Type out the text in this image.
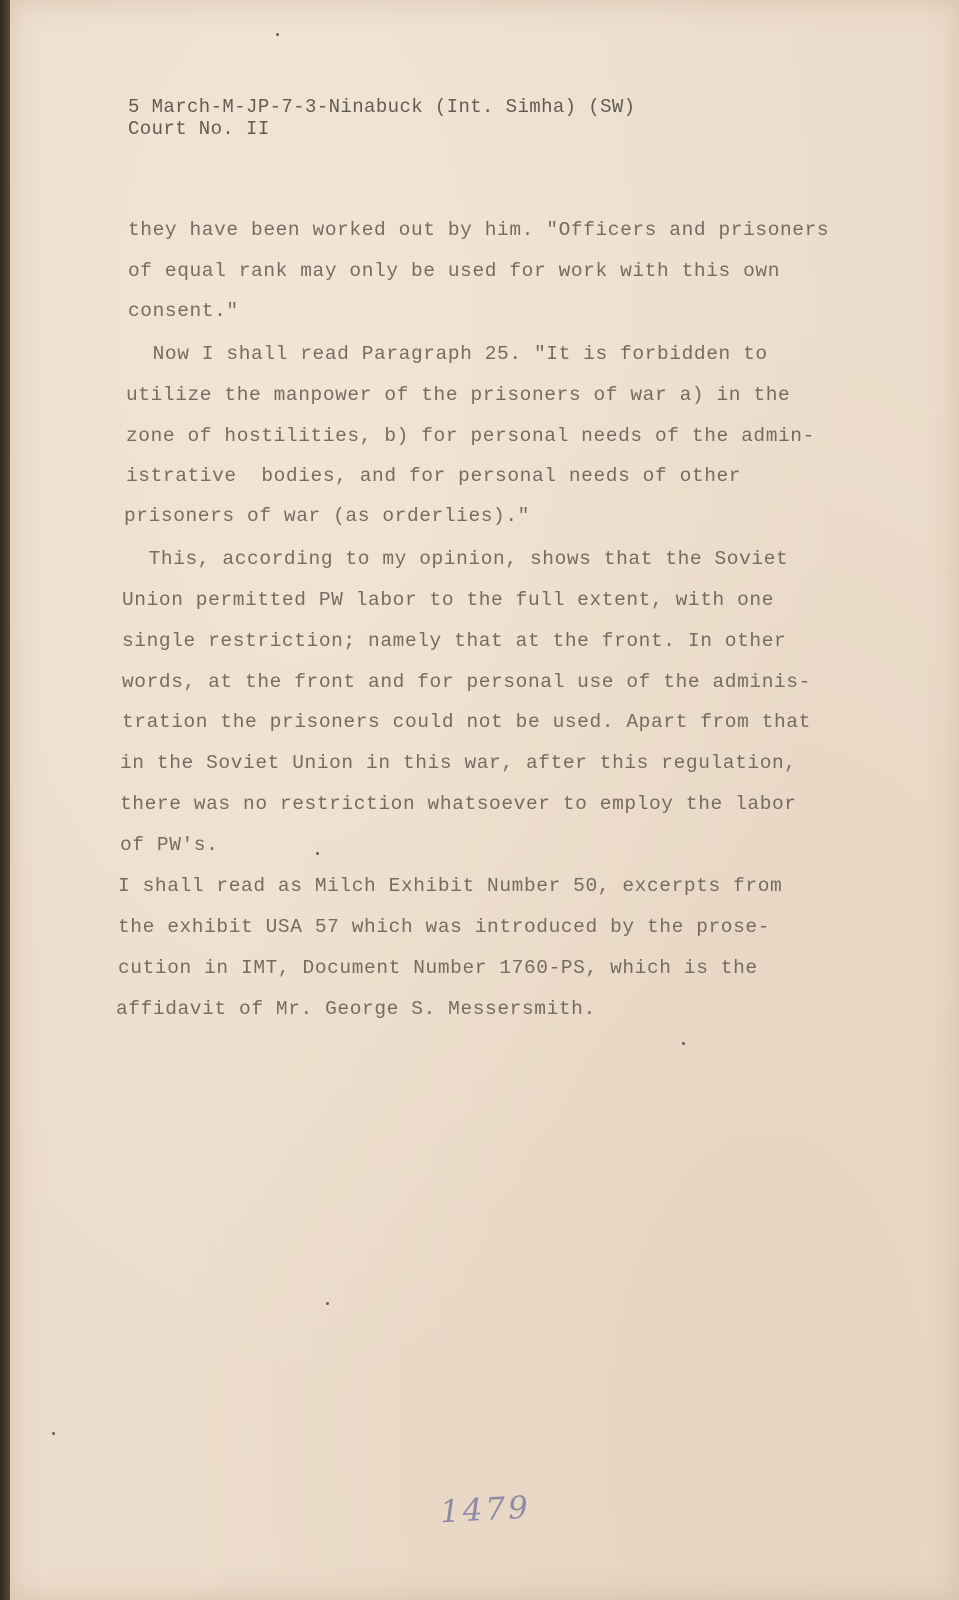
5 March-M-JP-7-3-Ninabuck (Int. Simha) (SW)
Court No. II
they have been worked out by him. "Officers and prisoners
of equal rank may only be used for work with this own
consent."
Now I shall read Paragraph 25. "It is forbidden to
utilize the manpower of the prisoners of war a) in the
zone of hostilities, b) for personal needs of the admin-
istrative  bodies, and for personal needs of other
prisoners of war (as orderlies)."
This, according to my opinion, shows that the Soviet
Union permitted PW labor to the full extent, with one
single restriction; namely that at the front. In other
words, at the front and for personal use of the adminis-
tration the prisoners could not be used. Apart from that
in the Soviet Union in this war, after this regulation,
there was no restriction whatsoever to employ the labor
of PW's.
I shall read as Milch Exhibit Number 50, excerpts from
the exhibit USA 57 which was introduced by the prose-
cution in IMT, Document Number 1760-PS, which is the
affidavit of Mr. George S. Messersmith.
1479
